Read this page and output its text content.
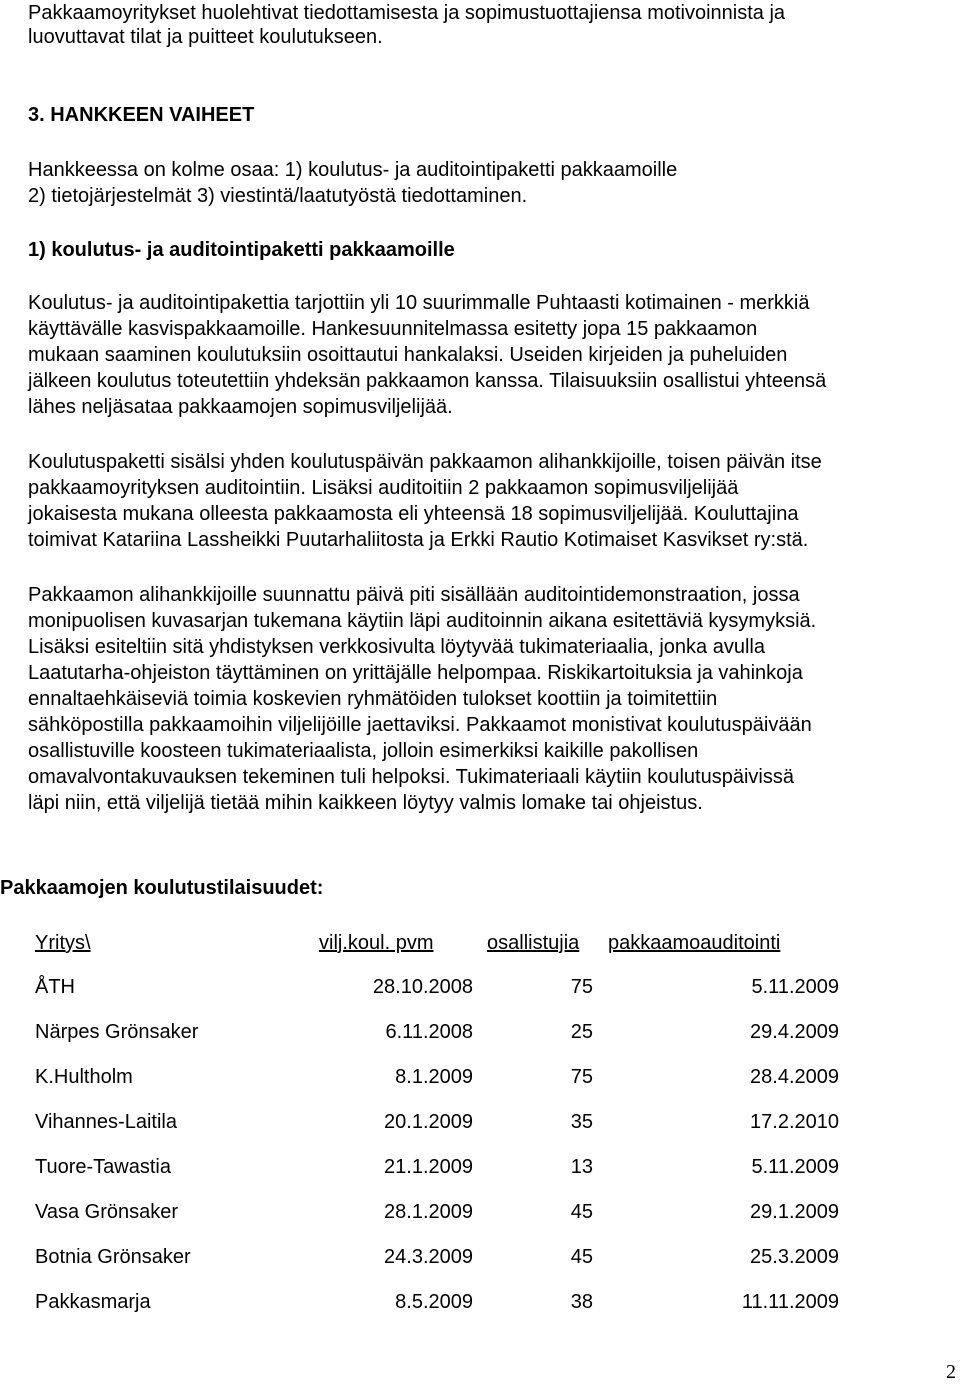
Pakkaamoyritykset huolehtivat tiedottamisesta ja sopimustuottajiensa motivoinnista ja

luovuttavat tilat ja puitteet koulutukseen.

3. HANKKEEN VAIHEET

Hankkeessa on kolme osaa: 1) koulutus- ja auditointipaketti pakkaamoille

2) tietojärjestelmät 3) viestintä/laatutyöstä tiedottaminen.

1) koulutus- ja auditointipaketti pakkaamoille

Koulutus- ja auditointipakettia tarjottiin yli 10 suurimmalle Puhtaasti kotimainen - merkkiä

käyttävälle kasvispakkaamoille. Hankesuunnitelmassa esitetty jopa 15 pakkaamon

mukaan saaminen koulutuksiin osoittautui hankalaksi. Useiden kirjeiden ja puheluiden

jälkeen koulutus toteutettiin yhdeksän pakkaamon kanssa. Tilaisuuksiin osallistui yhteensä

lähes neljäsataa pakkaamojen sopimusviljelijää.

Koulutuspaketti sisälsi yhden koulutuspäivän pakkaamon alihankkijoille, toisen päivän itse

pakkaamoyrityksen auditointiin. Lisäksi auditoitiin 2 pakkaamon sopimusviljelijää

jokaisesta mukana olleesta pakkaamosta eli yhteensä 18 sopimusviljelijää. Kouluttajina

toimivat Katariina Lassheikki Puutarhaliitosta ja Erkki Rautio Kotimaiset Kasvikset ry:stä.

Pakkaamon alihankkijoille suunnattu päivä piti sisällään auditointidemonstraation, jossa

monipuolisen kuvasarjan tukemana käytiin läpi auditoinnin aikana esitettäviä kysymyksiä.

Lisäksi esiteltiin sitä yhdistyksen verkkosivulta löytyvää tukimateriaalia, jonka avulla

Laatutarha-ohjeiston täyttäminen on yrittäjälle helpompaa. Riskikartoituksia ja vahinkoja

ennaltaehkäiseviä toimia koskevien ryhmätöiden tulokset koottiin ja toimitettiin

sähköpostilla pakkaamoihin viljelijöille jaettaviksi. Pakkaamot monistivat koulutuspäivään

osallistuville koosteen tukimateriaalista, jolloin esimerkiksi kaikille pakollisen

omavalvontakuvauksen tekeminen tuli helpoksi. Tukimateriaali käytiin koulutuspäivissä

läpi niin, että viljelijä tietää mihin kaikkeen löytyy valmis lomake tai ohjeistus.

Pakkaamojen koulutustilaisuudet:

Yritys\	vilj.koul. pvm	osallistujia pakkaamoauditointi
ÅTH	28.10.2008	75	5.11.2009
Närpes Grönsaker	6.11.2008	25	29.4.2009
K.Hultholm	8.1.2009	75	28.4.2009
Vihannes-Laitila	20.1.2009	35	17.2.2010
Tuore-Tawastia	21.1.2009	13	5.11.2009
Vasa Grönsaker	28.1.2009	45	29.1.2009
Botnia Grönsaker	24.3.2009	45	25.3.2009
Pakkasmarja	8.5.2009	38	11.11.2009
2
